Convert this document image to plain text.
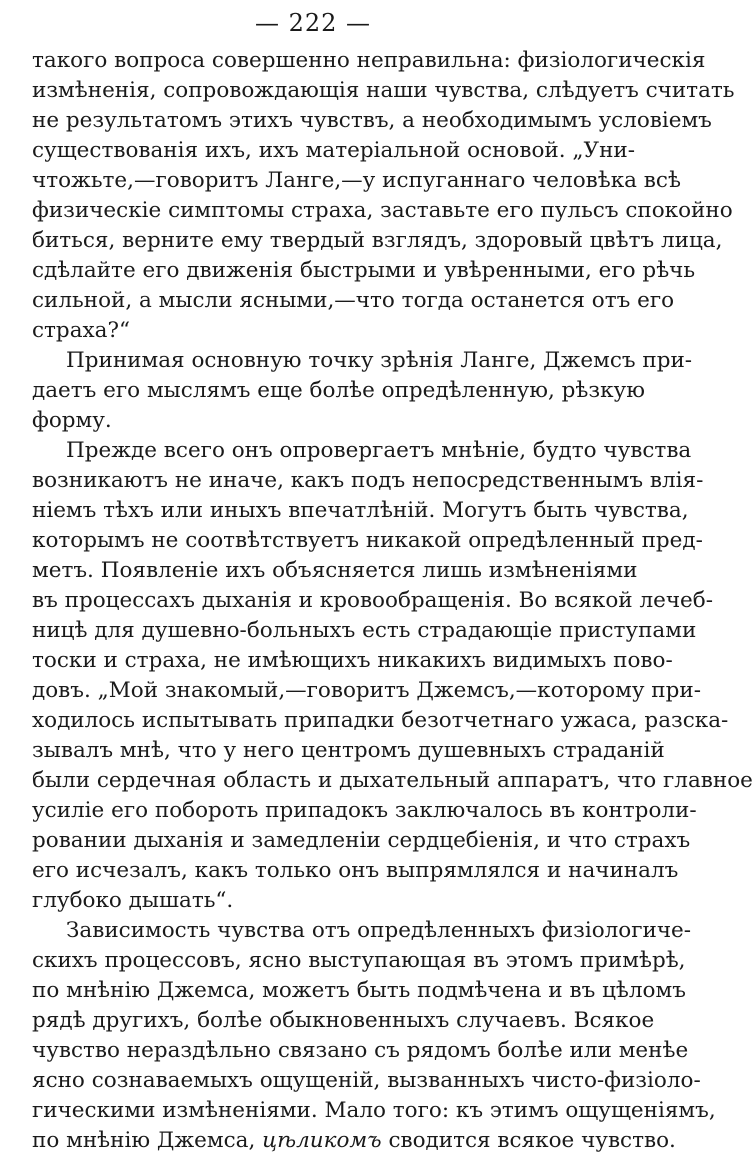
— 222 —
такого вопроса совершенно неправильна: физiологическiя
измѣненiя, сопровождающiя наши чувства, слѣдуетъ считать
не результатомъ этихъ чувствъ, а необходимымъ условiемъ
существованiя ихъ, ихъ матерiальной основой. „Уни-
чтожьте,—говоритъ Ланге,—у испуганнаго человѣка всѣ
физическiе симптомы страха, заставьте его пульсъ спокойно
биться, верните ему твердый взглядъ, здоровый цвѣтъ лица,
сдѣлайте его движенiя быстрыми и увѣренными, его рѣчь
сильной, а мысли ясными,—что тогда останется отъ его
страха?“
Принимая основную точку зрѣнiя Ланге, Джемсъ при-
даетъ его мыслямъ еще болѣе опредѣленную, рѣзкую
форму.
Прежде всего онъ опровергаетъ мнѣнiе, будто чувства
возникаютъ не иначе, какъ подъ непосредственнымъ влiя-
нiемъ тѣхъ или иныхъ впечатлѣнiй. Могутъ быть чувства,
которымъ не соотвѣтствуетъ никакой опредѣленный пред-
метъ. Появленiе ихъ объясняется лишь измѣненiями
въ процессахъ дыханiя и кровообращенiя. Во всякой лечеб-
ницѣ для душевно-больныхъ есть страдающiе приступами
тоски и страха, не имѣющихъ никакихъ видимыхъ пово-
довъ. „Мой знакомый,—говоритъ Джемсъ,—которому при-
ходилось испытывать припадки безотчетнаго ужаса, разска-
зывалъ мнѣ, что у него центромъ душевныхъ страданiй
были сердечная область и дыхательный аппаратъ, что главное
усилiе его побороть припадокъ заключалось въ контроли-
ровании дыханiя и замедленiи сердцебiенiя, и что страхъ
его исчезалъ, какъ только онъ выпрямлялся и начиналъ
глубоко дышать“.
Зависимость чувства отъ опредѣленныхъ физiологиче-
скихъ процессовъ, ясно выступающая въ этомъ примѣрѣ,
по мнѣнiю Джемса, можетъ быть подмѣчена и въ цѣломъ
рядѣ другихъ, болѣе обыкновенныхъ случаевъ. Всякое
чувство нераздѣльно связано съ рядомъ болѣе или менѣе
ясно сознаваемыхъ ощущенiй, вызванныхъ чисто-физiоло-
гическими измѣненiями. Мало того: къ этимъ ощущенiямъ,
по мнѣнiю Джемса, цѣликомъ сводится всякое чувство.
